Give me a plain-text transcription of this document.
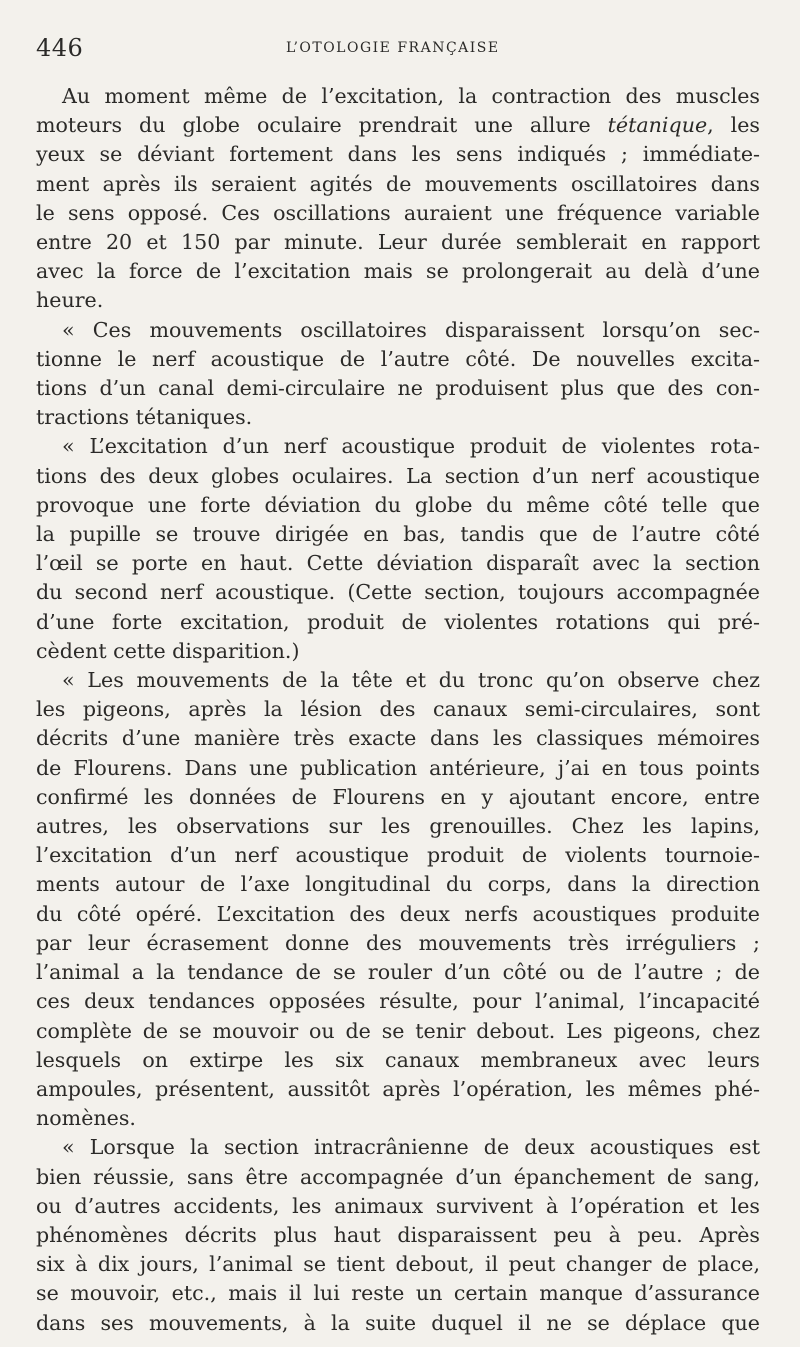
446	L’OTOLOGIE FRANÇAISE
Au moment même de l’excitation, la contraction des muscles
moteurs du globe oculaire prendrait une allure tétanique, les
yeux se déviant fortement dans les sens indiqués ; immédiate-
ment après ils seraient agités de mouvements oscillatoires dans
le sens opposé. Ces oscillations auraient une fréquence variable
entre 20 et 150 par minute. Leur durée semblerait en rapport
avec la force de l’excitation mais se prolongerait au delà d’une
heure.
« Ces mouvements oscillatoires disparaissent lorsqu’on sec-
tionne le nerf acoustique de l’autre côté. De nouvelles excita-
tions d’un canal demi-circulaire ne produisent plus que des con-
tractions tétaniques.
« L’excitation d’un nerf acoustique produit de violentes rota-
tions des deux globes oculaires. La section d’un nerf acoustique
provoque une forte déviation du globe du même côté telle que
la pupille se trouve dirigée en bas, tandis que de l’autre côté
l’œil se porte en haut. Cette déviation disparaît avec la section
du second nerf acoustique. (Cette section, toujours accompagnée
d’une forte excitation, produit de violentes rotations qui pré-
cèdent cette disparition.)
« Les mouvements de la tête et du tronc qu’on observe chez
les pigeons, après la lésion des canaux semi-circulaires, sont
décrits d’une manière très exacte dans les classiques mémoires
de Flourens. Dans une publication antérieure, j’ai en tous points
confirmé les données de Flourens en y ajoutant encore, entre
autres, les observations sur les grenouilles. Chez les lapins,
l’excitation d’un nerf acoustique produit de violents tournoie-
ments autour de l’axe longitudinal du corps, dans la direction
du côté opéré. L’excitation des deux nerfs acoustiques produite
par leur écrasement donne des mouvements très irréguliers ;
l’animal a la tendance de se rouler d’un côté ou de l’autre ; de
ces deux tendances opposées résulte, pour l’animal, l’incapacité
complète de se mouvoir ou de se tenir debout. Les pigeons, chez
lesquels on extirpe les six canaux membraneux avec leurs
ampoules, présentent, aussitôt après l’opération, les mêmes phé-
nomènes.
« Lorsque la section intracrânienne de deux acoustiques est
bien réussie, sans être accompagnée d’un épanchement de sang,
ou d’autres accidents, les animaux survivent à l’opération et les
phénomènes décrits plus haut disparaissent peu à peu. Après
six à dix jours, l’animal se tient debout, il peut changer de place,
se mouvoir, etc., mais il lui reste un certain manque d’assurance
dans ses mouvements, à la suite duquel il ne se déplace que
